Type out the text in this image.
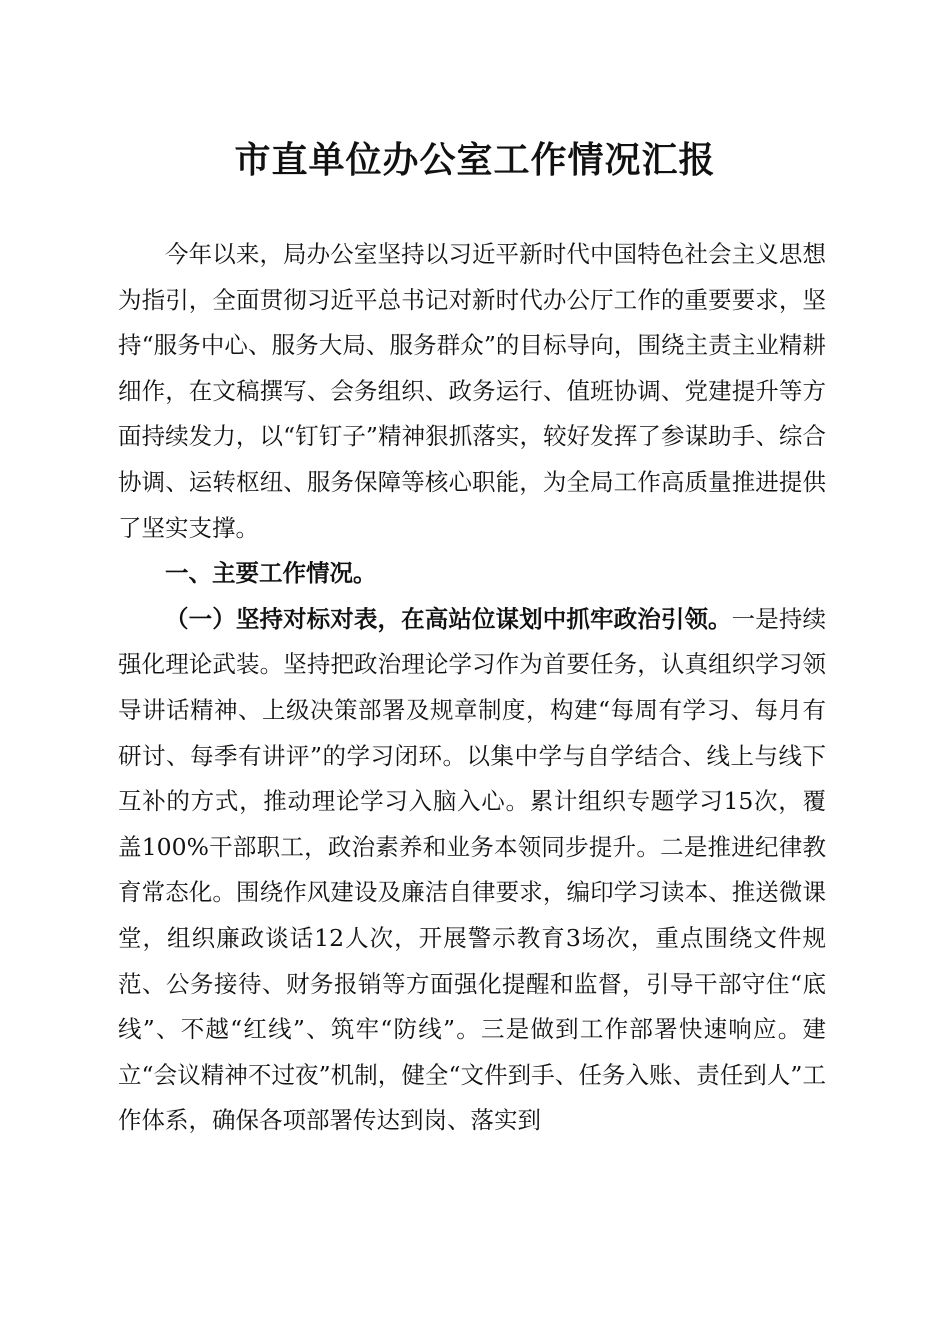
市直单位办公室工作情况汇报

今年以来，局办公室坚持以习近平新时代中国特色社会主义思想为指引，全面贯彻习近平总书记对新时代办公厅工作的重要要求，坚持“服务中心、服务大局、服务群众”的目标导向，围绕主责主业精耕细作，在文稿撰写、会务组织、政务运行、值班协调、党建提升等方面持续发力，以“钉钉子”精神狠抓落实，较好发挥了参谋助手、综合协调、运转枢纽、服务保障等核心职能，为全局工作高质量推进提供了坚实支撑。

一、主要工作情况。

（一）坚持对标对表，在高站位谋划中抓牢政治引领。一是持续强化理论武装。坚持把政治理论学习作为首要任务，认真组织学习领导讲话精神、上级决策部署及规章制度，构建“每周有学习、每月有研讨、每季有讲评”的学习闭环。以集中学与自学结合、线上与线下互补的方式，推动理论学习入脑入心。累计组织专题学习15次，覆盖100%干部职工，政治素养和业务本领同步提升。二是推进纪律教育常态化。围绕作风建设及廉洁自律要求，编印学习读本、推送微课堂，组织廉政谈话12人次，开展警示教育3场次，重点围绕文件规范、公务接待、财务报销等方面强化提醒和监督，引导干部守住“底线”、不越“红线”、筑牢“防线”。三是做到工作部署快速响应。建立“会议精神不过夜”机制，健全“文件到手、任务入账、责任到人”工作体系，确保各项部署传达到岗、落实到
